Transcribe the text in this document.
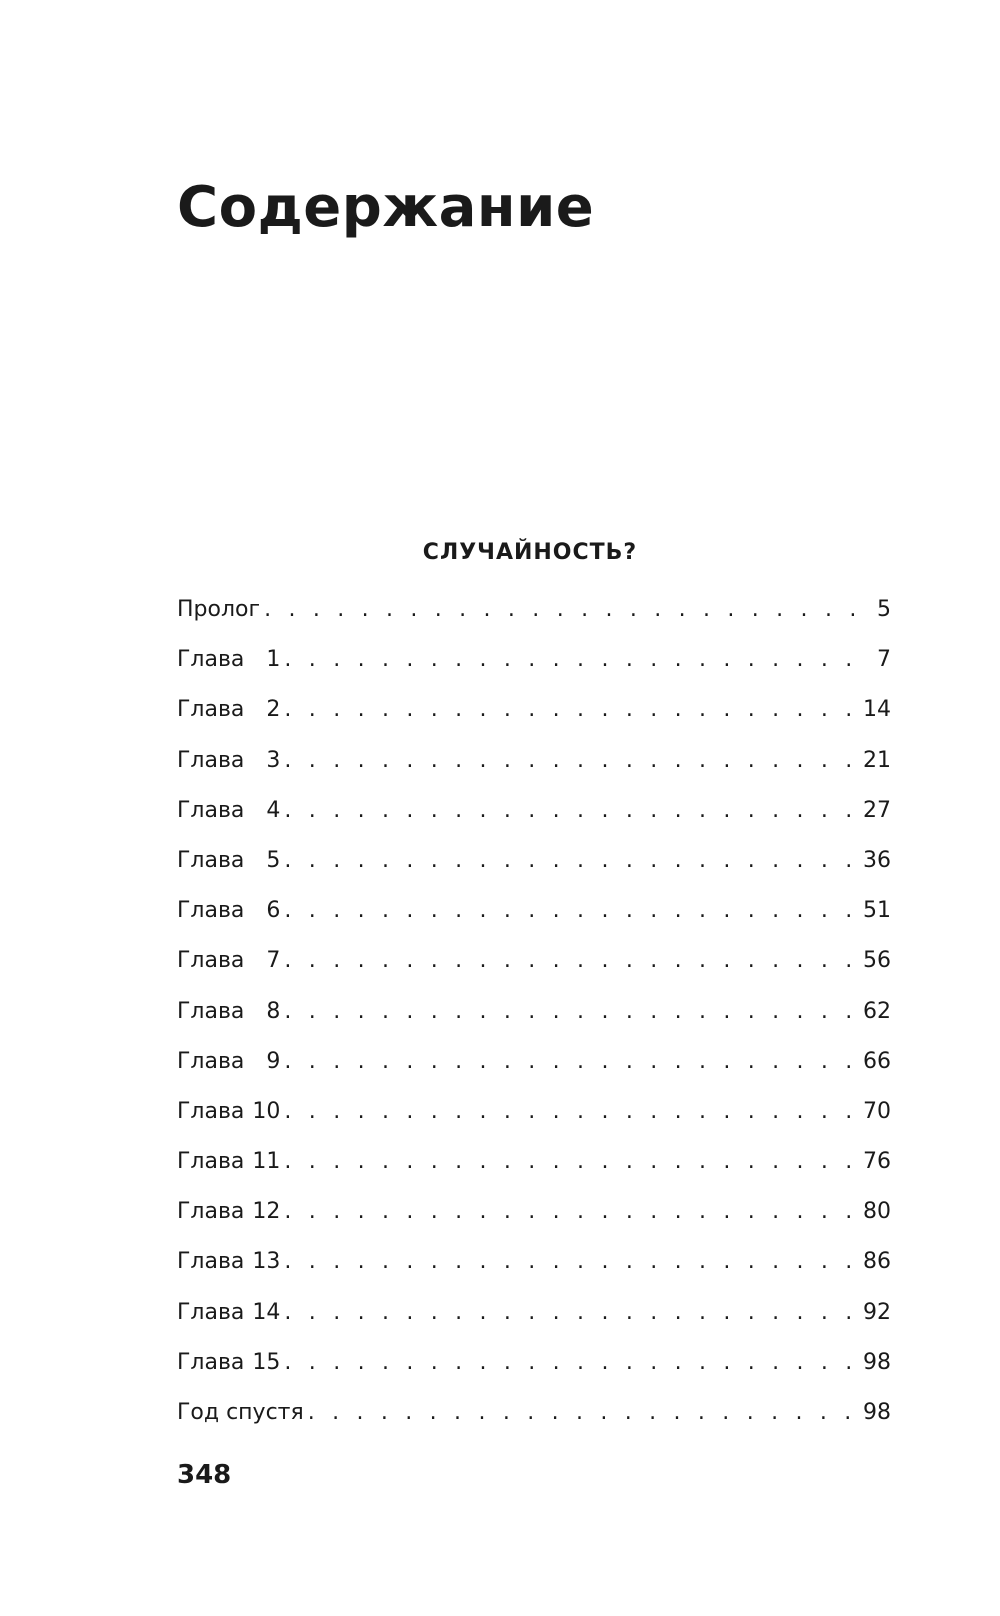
Содержание
СЛУЧАЙНОСТЬ?
Пролог . . .	5
Глава 1 . . .	7
Глава 2 . . .	14
Глава 3 . . .	21
Глава 4 . . .	27
Глава 5 . . .	36
Глава 6 . . .	51
Глава 7 . . .	56
Глава 8 . . .	62
Глава 9 . . .	66
Глава 10 . . .	70
Глава 11 . . .	76
Глава 12 . . .	80
Глава 13 . . .	86
Глава 14 . . .	92
Глава 15 . . .	98
Год спустя . . .	98
348
